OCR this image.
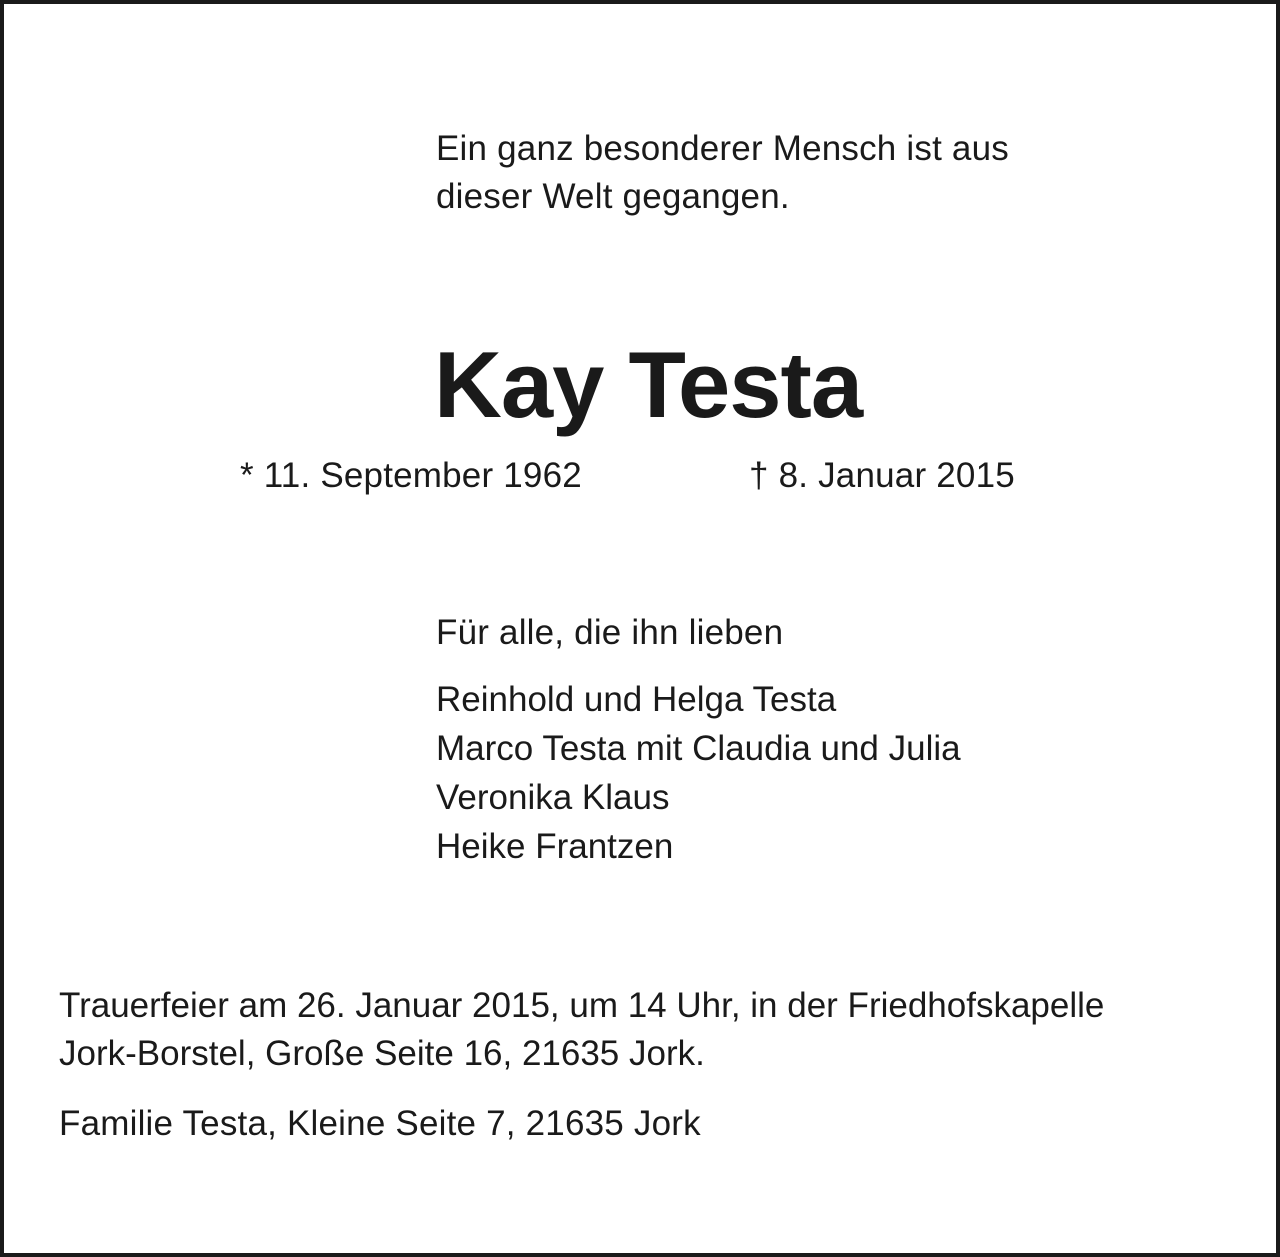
Ein ganz besonderer Mensch ist aus
dieser Welt gegangen.

Kay Testa

* 11. September 1962	† 8. Januar 2015

Für alle, die ihn lieben

Reinhold und Helga Testa
Marco Testa mit Claudia und Julia
Veronika Klaus
Heike Frantzen

Trauerfeier am 26. Januar 2015, um 14 Uhr, in der Friedhofskapelle
Jork-Borstel, Große Seite 16, 21635 Jork.

Familie Testa, Kleine Seite 7, 21635 Jork
